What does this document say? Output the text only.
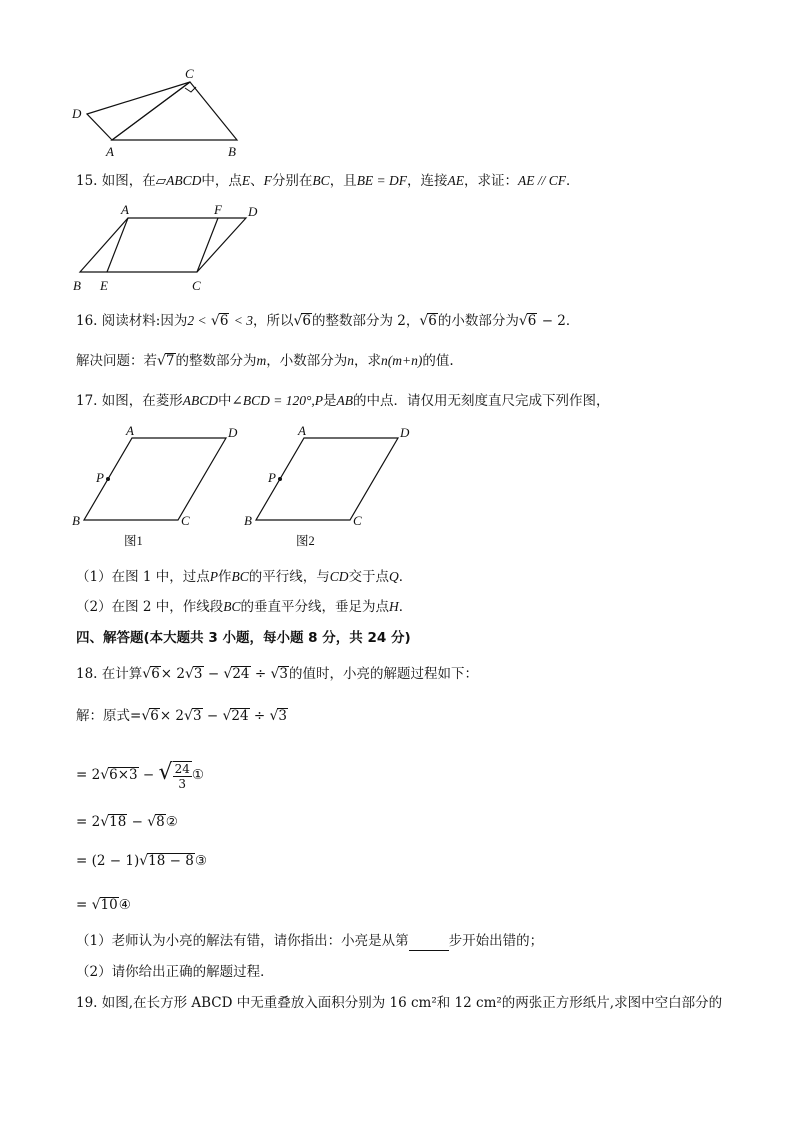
C
D
A	B
15. 如图，在▱ABCD中，点E、F分别在BC，且BE = DF，连接AE，求证：AE // CF．
A	F D
B E	C
16. 阅读材料:因为2 < √6 < 3，所以√6的整数部分为 2，√6的小数部分为√6 − 2．
解决问题：若√7的整数部分为m，小数部分为n，求n(m+n)的值.
17. 如图，在菱形ABCD中∠BCD = 120°,P是AB的中点．请仅用无刻度直尺完成下列作图，
A	D
P
B	C
图1
A	D
P
B	C
图2
（1）在图 1 中，过点P作BC的平行线，与CD交于点Q．
（2）在图 2 中，作线段BC的垂直平分线，垂足为点H．
四、解答题(本大题共 3 小题，每小题 8 分，共 24 分)
18. 在计算√6× 2√3 − √24 ÷ √3的值时，小亮的解题过程如下：
解：原式=√6× 2√3 − √24 ÷ √3
= 2√6×3 − √ $\frac{24}{3}$ ①
= 2√18 − √8②
= (2 − 1)√18 − 8③
= √10④
（1）老师认为小亮的解法有错，请你指出：小亮是从第	步开始出错的；
（2）请你给出正确的解题过程．
19. 如图,在长方形 ABCD 中无重叠放入面积分别为 16 cm²和 12 cm²的两张正方形纸片,求图中空白部分的
